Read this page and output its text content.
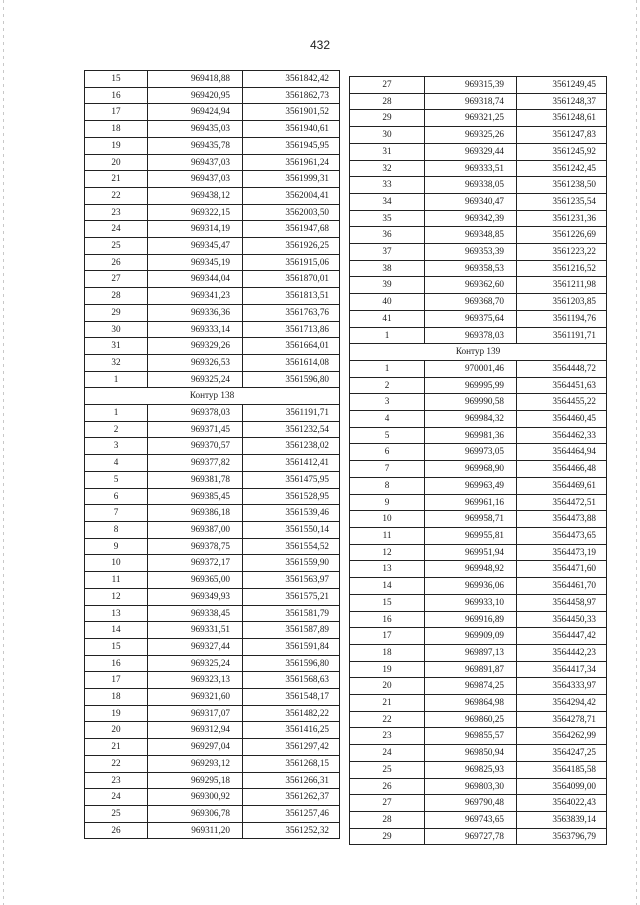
432
15	969418,88	3561842,42
16	969420,95	3561862,73
17	969424,94	3561901,52
18	969435,03	3561940,61
19	969435,78	3561945,95
20	969437,03	3561961,24
21	969437,03	3561999,31
22	969438,12	3562004,41
23	969322,15	3562003,50
24	969314,19	3561947,68
25	969345,47	3561926,25
26	969345,19	3561915,06
27	969344,04	3561870,01
28	969341,23	3561813,51
29	969336,36	3561763,76
30	969333,14	3561713,86
31	969329,26	3561664,01
32	969326,53	3561614,08
1	969325,24	3561596,80
Контур 138		
1	969378,03	3561191,71
2	969371,45	3561232,54
3	969370,57	3561238,02
4	969377,82	3561412,41
5	969381,78	3561475,95
6	969385,45	3561528,95
7	969386,18	3561539,46
8	969387,00	3561550,14
9	969378,75	3561554,52
10	969372,17	3561559,90
11	969365,00	3561563,97
12	969349,93	3561575,21
13	969338,45	3561581,79
14	969331,51	3561587,89
15	969327,44	3561591,84
16	969325,24	3561596,80
17	969323,13	3561568,63
18	969321,60	3561548,17
19	969317,07	3561482,22
20	969312,94	3561416,25
21	969297,04	3561297,42
22	969293,12	3561268,15
23	969295,18	3561266,31
24	969300,92	3561262,37
25	969306,78	3561257,46
26	969311,20	3561252,32
27	969315,39	3561249,45
28	969318,74	3561248,37
29	969321,25	3561248,61
30	969325,26	3561247,83
31	969329,44	3561245,92
32	969333,51	3561242,45
33	969338,05	3561238,50
34	969340,47	3561235,54
35	969342,39	3561231,36
36	969348,85	3561226,69
37	969353,39	3561223,22
38	969358,53	3561216,52
39	969362,60	3561211,98
40	969368,70	3561203,85
41	969375,64	3561194,76
1	969378,03	3561191,71
Контур 139		
1	970001,46	3564448,72
2	969995,99	3564451,63
3	969990,58	3564455,22
4	969984,32	3564460,45
5	969981,36	3564462,33
6	969973,05	3564464,94
7	969968,90	3564466,48
8	969963,49	3564469,61
9	969961,16	3564472,51
10	969958,71	3564473,88
11	969955,81	3564473,65
12	969951,94	3564473,19
13	969948,92	3564471,60
14	969936,06	3564461,70
15	969933,10	3564458,97
16	969916,89	3564450,33
17	969909,09	3564447,42
18	969897,13	3564442,23
19	969891,87	3564417,34
20	969874,25	3564333,97
21	969864,98	3564294,42
22	969860,25	3564278,71
23	969855,57	3564262,99
24	969850,94	3564247,25
25	969825,93	3564185,58
26	969803,30	3564099,00
27	969790,48	3564022,43
28	969743,65	3563839,14
29	969727,78	3563796,79
